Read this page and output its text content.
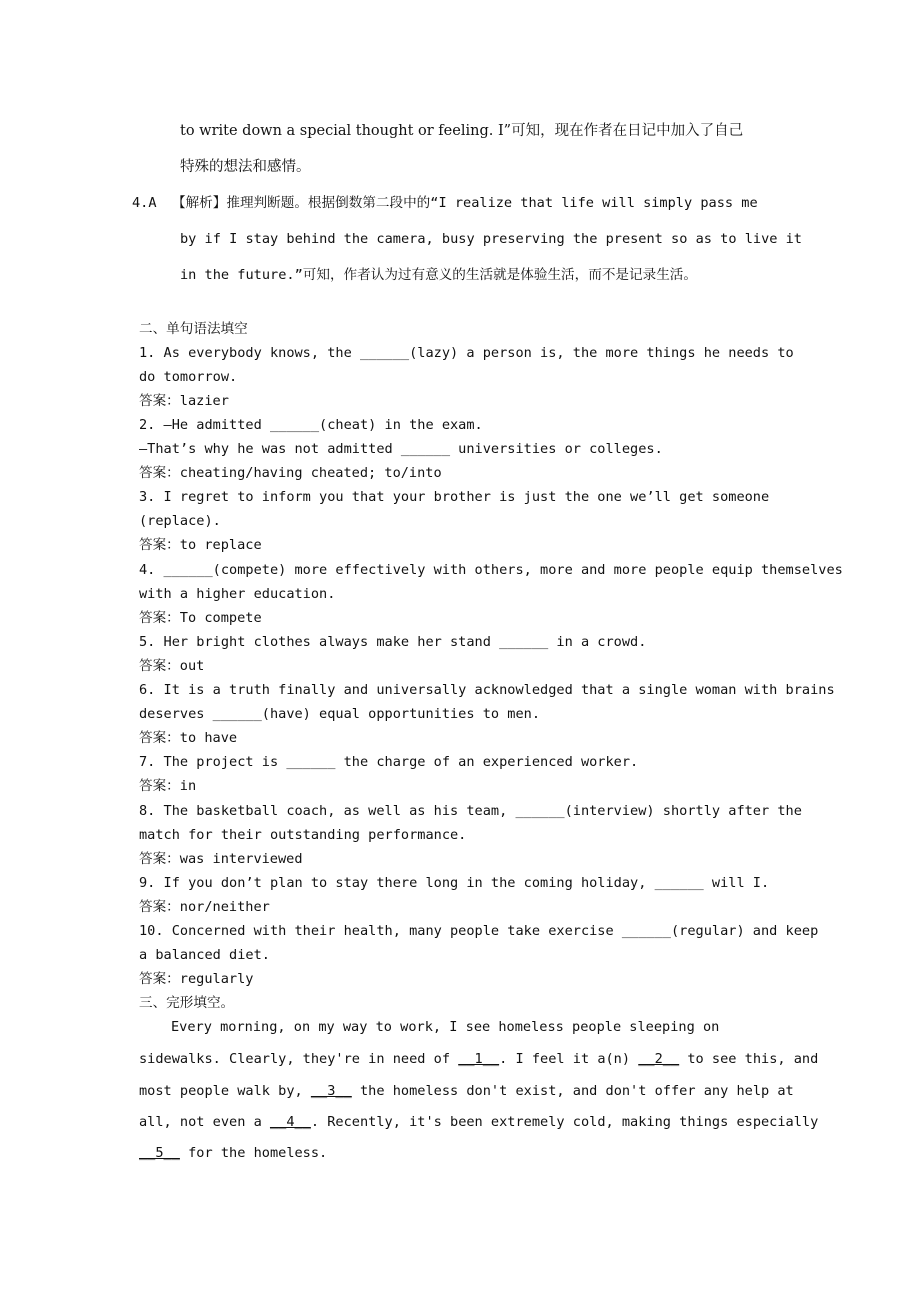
to write down a special thought or feeling. I”可知，现在作者在日记中加入了自己
特殊的想法和感情。
4.A 【解析】推理判断题。根据倒数第二段中的“I realize that life will simply pass me
by if I stay behind the camera, busy preserving the present so as to live it
in the future.”可知，作者认为过有意义的生活就是体验生活，而不是记录生活。
二、单句语法填空
1. As everybody knows, the ______(lazy) a person is, the more things he needs to
do tomorrow.
答案：lazier
2. —He admitted ______(cheat) in the exam.
—That’s why he was not admitted ______ universities or colleges.
答案：cheating/having cheated; to/into
3. I regret to inform you that your brother is just the one we’ll get someone
(replace).
答案：to replace
4. ______(compete) more effectively with others, more and more people equip themselves
with a higher education.
答案：To compete
5. Her bright clothes always make her stand ______ in a crowd.
答案：out
6. It is a truth finally and universally acknowledged that a single woman with brains
deserves ______(have) equal opportunities to men.
答案：to have
7. The project is ______ the charge of an experienced worker.
答案：in
8. The basketball coach, as well as his team, ______(interview) shortly after the
match for their outstanding performance.
答案：was interviewed
9. If you don’t plan to stay there long in the coming holiday, ______ will I.
答案：nor/neither
10. Concerned with their health, many people take exercise ______(regular) and keep
a balanced diet.
答案：regularly
三、完形填空。
Every morning, on my way to work, I see homeless people sleeping on
sidewalks. Clearly, they're in need of __1__. I feel it a(n) __2__ to see this, and
most people walk by, __3__ the homeless don't exist, and don't offer any help at
all, not even a __4__. Recently, it's been extremely cold, making things especially
__5__ for the homeless.
